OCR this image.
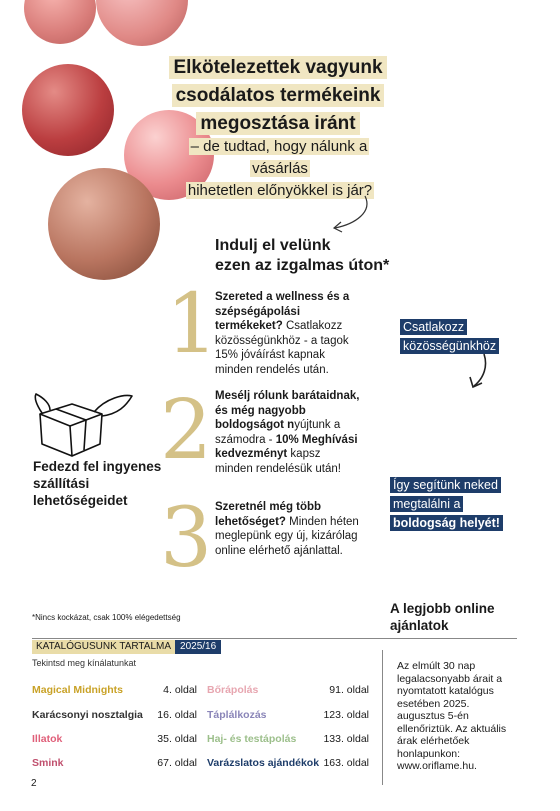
Elkötelezettek vagyunk
csodálatos termékeink
megosztása iránt
– de tudtad, hogy nálunk a vásárlás
hihetetlen előnyökkel is jár?
Indulj el velünk
ezen az izgalmas úton*
1
2
3
Szereted a wellness és a szépségápolási termékeket? Csatlakozz közösségünkhöz - a tagok 15% jóváírást kapnak minden rendelés után.
Mesélj rólunk barátaidnak, és még nagyobb boldogságot nyújtunk a számodra - 10% Meghívási kedvezményt kapsz minden rendelésük után!
Szeretnél még több lehetőséget? Minden héten meglepünk egy új, kizárólag online elérhető ajánlattal.
Csatlakozz közösségünkhöz
Így segítünk neked megtalálni a boldogság helyét!
Fedezd fel ingyenes szállítási lehetőségeidet
*Nincs kockázat, csak 100% elégedettség
A legjobb online ajánlatok
KATALÓGUSUNK TARTALMA 2025/16
Tekintsd meg kínálatunkat
Magical Midnights	4. oldal
Karácsonyi nosztalgia 16. oldal
Illatok	35. oldal
Smink	67. oldal
Bőrápolás	91. oldal
Táplálkozás	123. oldal
Haj- és testápolás	133. oldal
Varázslatos ajándékok 163. oldal
Az elmúlt 30 nap legalacsonyabb árait a nyomtatott katalógus esetében 2025. augusztus 5-én ellenőriztük. Az aktuális árak elérhetőek honlapunkon: www.oriflame.hu.
2
